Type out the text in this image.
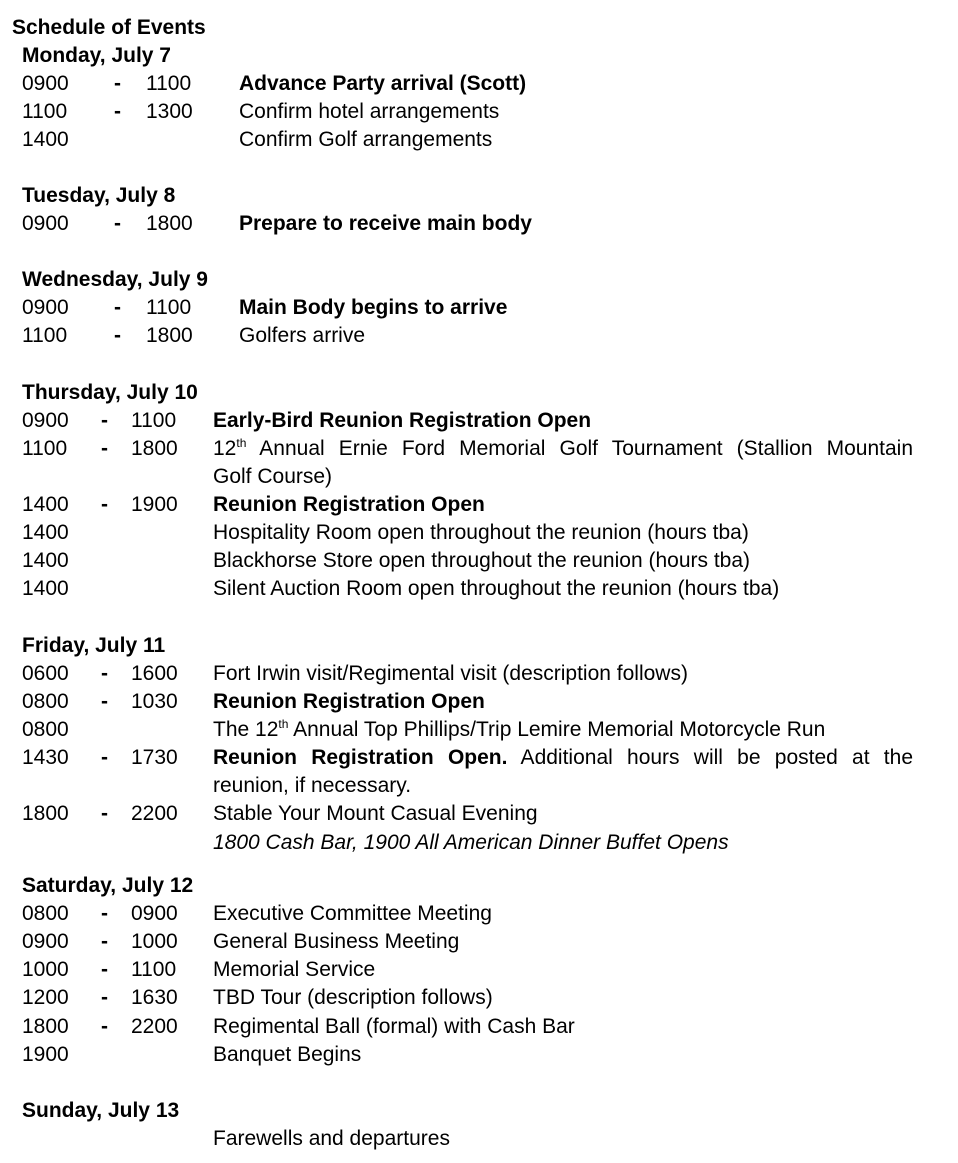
Schedule of Events
Monday, July 7
0900 - 1100 Advance Party arrival (Scott)
1100 - 1300 Confirm hotel arrangements
1400	Confirm Golf arrangements
Tuesday, July 8
0900 - 1800 Prepare to receive main body
Wednesday, July 9
0900 - 1100 Main Body begins to arrive
1100 - 1800 Golfers arrive
Thursday, July 10
0900 - 1100 Early-Bird Reunion Registration Open
1100 - 1800 12th Annual Ernie Ford Memorial Golf Tournament (Stallion Mountain
Golf Course)
1400 - 1900 Reunion Registration Open
1400	Hospitality Room open throughout the reunion (hours tba)
1400	Blackhorse Store open throughout the reunion (hours tba)
1400	Silent Auction Room open throughout the reunion (hours tba)
Friday, July 11
0600 - 1600 Fort Irwin visit/Regimental visit (description follows)
0800 - 1030 Reunion Registration Open
0800	The 12th Annual Top Phillips/Trip Lemire Memorial Motorcycle Run
1430 - 1730 Reunion Registration Open. Additional hours will be posted at the
reunion, if necessary.
1800 - 2200 Stable Your Mount Casual Evening
1800 Cash Bar, 1900 All American Dinner Buffet Opens
Saturday, July 12
0800 - 0900 Executive Committee Meeting
0900 - 1000 General Business Meeting
1000 - 1100 Memorial Service
1200 - 1630 TBD Tour (description follows)
1800 - 2200 Regimental Ball (formal) with Cash Bar
1900	Banquet Begins
Sunday, July 13
Farewells and departures
